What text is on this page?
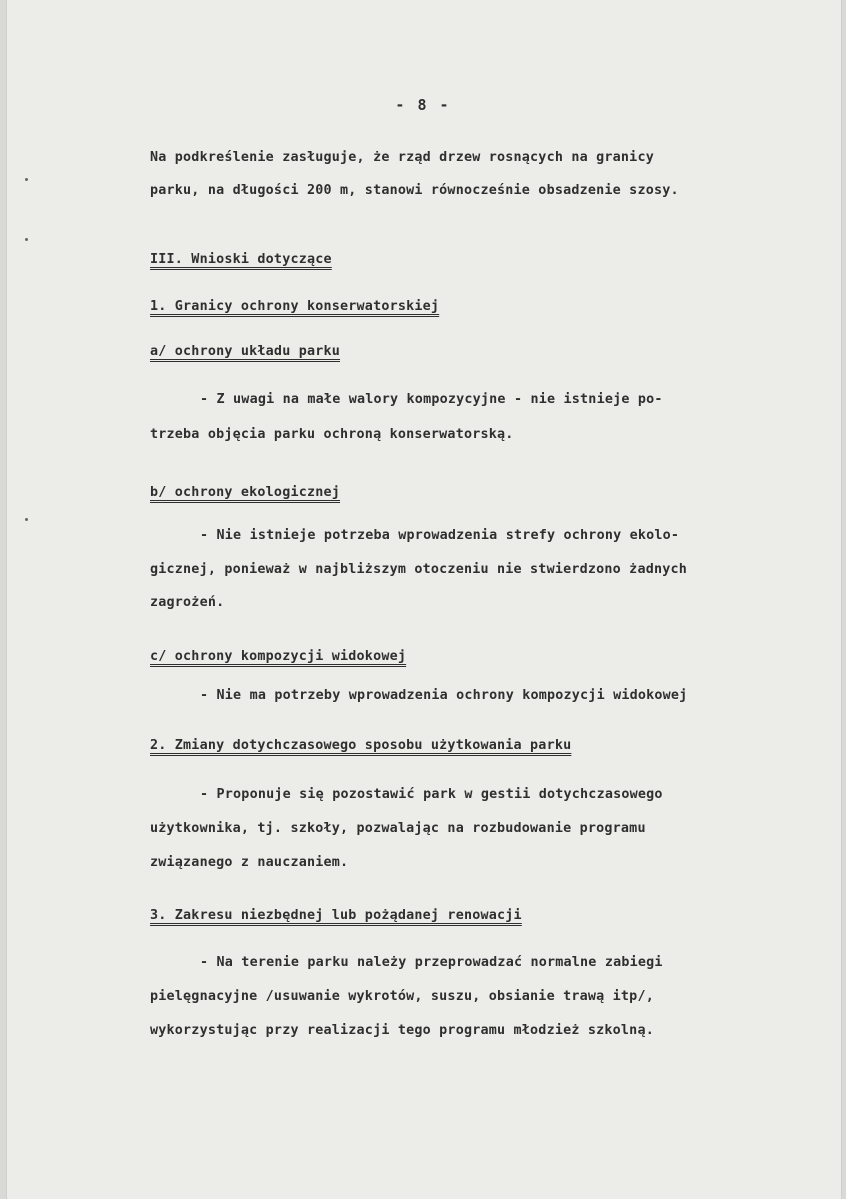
- 8 -
Na podkreślenie zasługuje, że rząd drzew rosnących na granicy
parku, na długości 200 m, stanowi równocześnie obsadzenie szosy.
III. Wnioski dotyczące
1. Granicy ochrony konserwatorskiej
a/ ochrony układu parku
- Z uwagi na małe walory kompozycyjne - nie istnieje po-
trzeba objęcia parku ochroną konserwatorską.
b/ ochrony ekologicznej
- Nie istnieje potrzeba wprowadzenia strefy ochrony ekolo-
gicznej, ponieważ w najbliższym otoczeniu nie stwierdzono żadnych
zagrożeń.
c/ ochrony kompozycji widokowej
- Nie ma potrzeby wprowadzenia ochrony kompozycji widokowej
2. Zmiany dotychczasowego sposobu użytkowania parku
- Proponuje się pozostawić park w gestii dotychczasowego
użytkownika, tj. szkoły, pozwalając na rozbudowanie programu
związanego z nauczaniem.
3. Zakresu niezbędnej lub pożądanej renowacji
- Na terenie parku należy przeprowadzać normalne zabiegi
pielęgnacyjne /usuwanie wykrotów, suszu, obsianie trawą itp/,
wykorzystując przy realizacji tego programu młodzież szkolną.
